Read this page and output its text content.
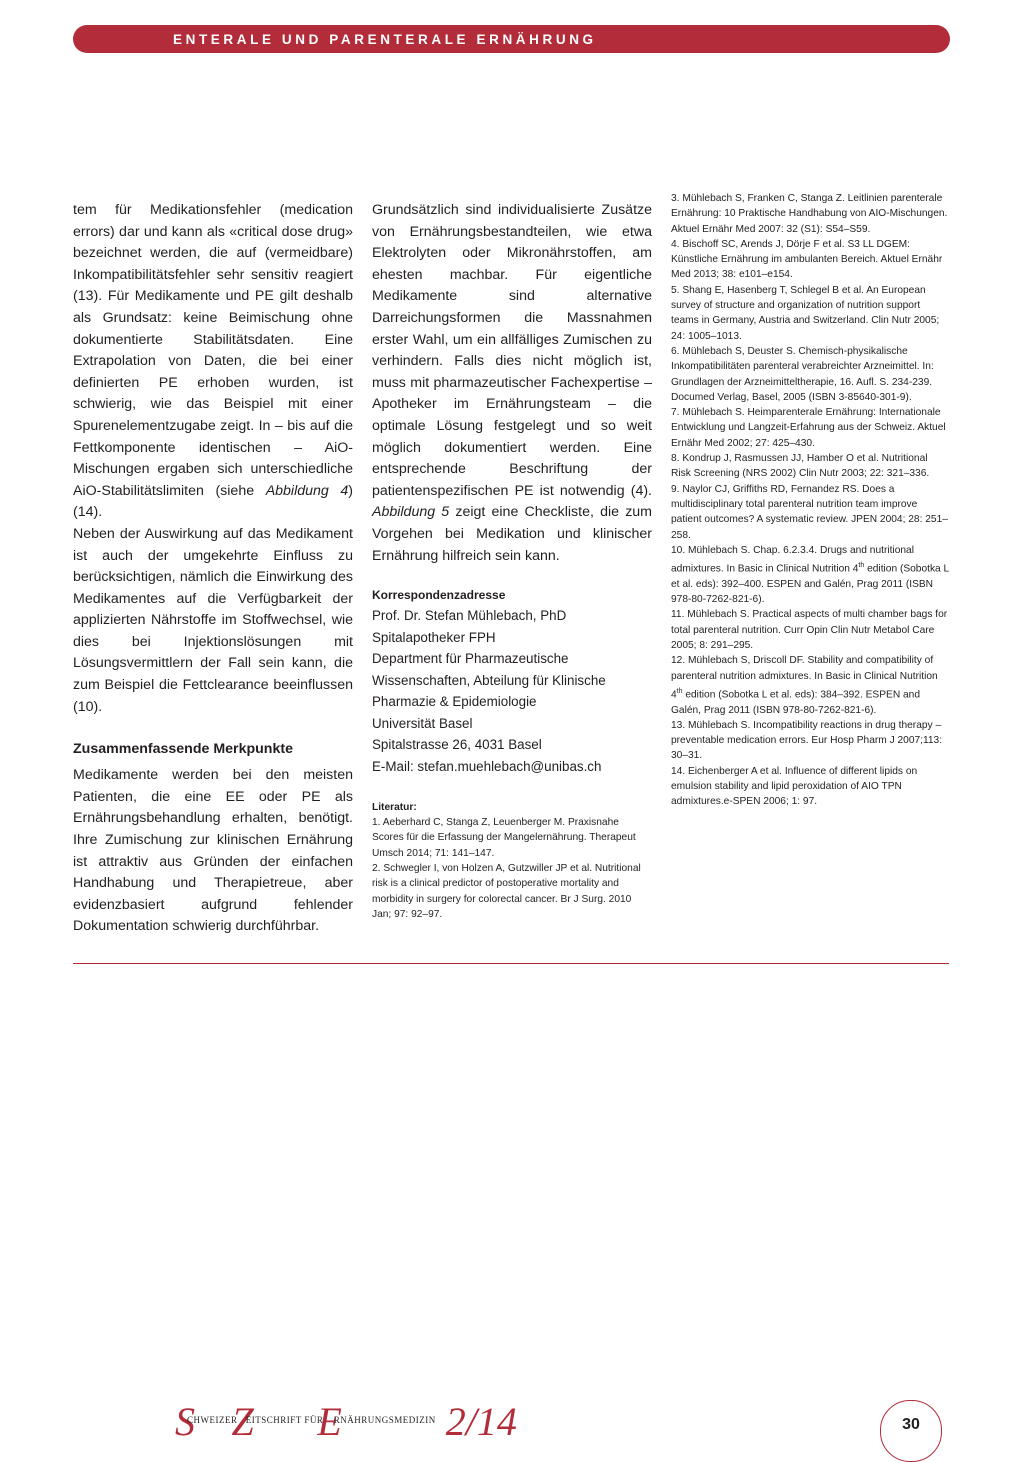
ENTERALE UND PARENTERALE ERNÄHRUNG

tem für Medikationsfehler (medication errors) dar und kann als «critical dose drug» bezeichnet werden, die auf (vermeidbare) Inkompatibilitätsfehler sehr sensitiv reagiert (13). Für Medikamente und PE gilt deshalb als Grundsatz: keine Beimischung ohne dokumentierte Stabilitätsdaten. Eine Extrapolation von Daten, die bei einer definierten PE erhoben wurden, ist schwierig, wie das Beispiel mit einer Spurenelementzugabe zeigt. In – bis auf die Fettkomponente identischen – AiO-Mischungen ergaben sich unterschiedliche AiO-Stabilitätslimiten (siehe Abbildung 4) (14).

Neben der Auswirkung auf das Medikament ist auch der umgekehrte Einfluss zu berücksichtigen, nämlich die Einwirkung des Medikamentes auf die Verfügbarkeit der applizierten Nährstoffe im Stoffwechsel, wie dies bei Injektionslösungen mit Lösungsvermittlern der Fall sein kann, die zum Beispiel die Fettclearance beeinflussen (10).

Zusammenfassende Merkpunkte

Medikamente werden bei den meisten Patienten, die eine EE oder PE als Ernährungsbehandlung erhalten, benötigt. Ihre Zumischung zur klinischen Ernährung ist attraktiv aus Gründen der einfachen Handhabung und Therapietreue, aber evidenzbasiert aufgrund fehlender Dokumentation schwierig durchführbar.

Grundsätzlich sind individualisierte Zusätze von Ernährungsbestandteilen, wie etwa Elektrolyten oder Mikronährstoffen, am ehesten machbar. Für eigentliche Medikamente sind alternative Darreichungsformen die Massnahmen erster Wahl, um ein allfälliges Zumischen zu verhindern. Falls dies nicht möglich ist, muss mit pharmazeutischer Fachexpertise – Apotheker im Ernährungsteam – die optimale Lösung festgelegt und so weit möglich dokumentiert werden. Eine entsprechende Beschriftung der patientenspezifischen PE ist notwendig (4). Abbildung 5 zeigt eine Checkliste, die zum Vorgehen bei Medikation und klinischer Ernährung hilfreich sein kann.

Korrespondenzadresse
Prof. Dr. Stefan Mühlebach, PhD
Spitalapotheker FPH
Department für Pharmazeutische
Wissenschaften, Abteilung für Klinische
Pharmazie & Epidemiologie
Universität Basel
Spitalstrasse 26, 4031 Basel
E-Mail: stefan.muehlebach@unibas.ch
Literatur:
1. Aeberhard C, Stanga Z, Leuenberger M. Praxisnahe Scores für die Erfassung der Mangelernährung. Therapeut Umsch 2014; 71: 141–147.
2. Schwegler I, von Holzen A, Gutzwiller JP et al. Nutritional risk is a clinical predictor of postoperative mortality and morbidity in surgery for colorectal cancer. Br J Surg. 2010 Jan; 97: 92–97.
3. Mühlebach S, Franken C, Stanga Z. Leitlinien parenterale Ernährung: 10 Praktische Handhabung von AIO-Mischungen. Aktuel Ernähr Med 2007: 32 (S1): S54–S59.
4. Bischoff SC, Arends J, Dörje F et al. S3 LL DGEM: Künstliche Ernährung im ambulanten Bereich. Aktuel Ernähr Med 2013; 38: e101–e154.
5. Shang E, Hasenberg T, Schlegel B et al. An European survey of structure and organization of nutrition support teams in Germany, Austria and Switzerland. Clin Nutr 2005; 24: 1005–1013.
6. Mühlebach S, Deuster S. Chemisch-physikalische Inkompatibilitäten parenteral verabreichter Arzneimittel. In: Grundlagen der Arzneimitteltherapie, 16. Aufl. S. 234-239. Documed Verlag, Basel, 2005 (ISBN 3-85640-301-9).
7. Mühlebach S. Heimparenterale Ernährung: Internationale Entwicklung und Langzeit-Erfahrung aus der Schweiz. Aktuel Ernähr Med 2002; 27: 425–430.
8. Kondrup J, Rasmussen JJ, Hamber O et al. Nutritional Risk Screening (NRS 2002) Clin Nutr 2003; 22: 321–336.
9. Naylor CJ, Griffiths RD, Fernandez RS. Does a multidisciplinary total parenteral nutrition team improve patient outcomes? A systematic review. JPEN 2004; 28: 251–258.
10. Mühlebach S. Chap. 6.2.3.4. Drugs and nutritional admixtures. In Basic in Clinical Nutrition 4th edition (Sobotka L et al. eds): 392–400. ESPEN and Galén, Prag 2011 (ISBN 978-80-7262-821-6).
11. Mühlebach S. Practical aspects of multi chamber bags for total parenteral nutrition. Curr Opin Clin Nutr Metabol Care 2005; 8: 291–295.
12. Mühlebach S, Driscoll DF. Stability and compatibility of parenteral nutrition admixtures. In Basic in Clinical Nutrition 4th edition (Sobotka L et al. eds): 384–392. ESPEN and Galén, Prag 2011 (ISBN 978-80-7262-821-6).
13. Mühlebach S. Incompatibility reactions in drug therapy – preventable medication errors. Eur Hosp Pharm J 2007;113: 30–31.
14. Eichenberger A et al. Influence of different lipids on emulsion stability and lipid peroxidation of AIO TPN admixtures.e-SPEN 2006; 1: 97.
S
CHWEIZER
Z
EITSCHRIFT FÜR
E
RNÄHRUNGSMEDIZIN 2/14	30
